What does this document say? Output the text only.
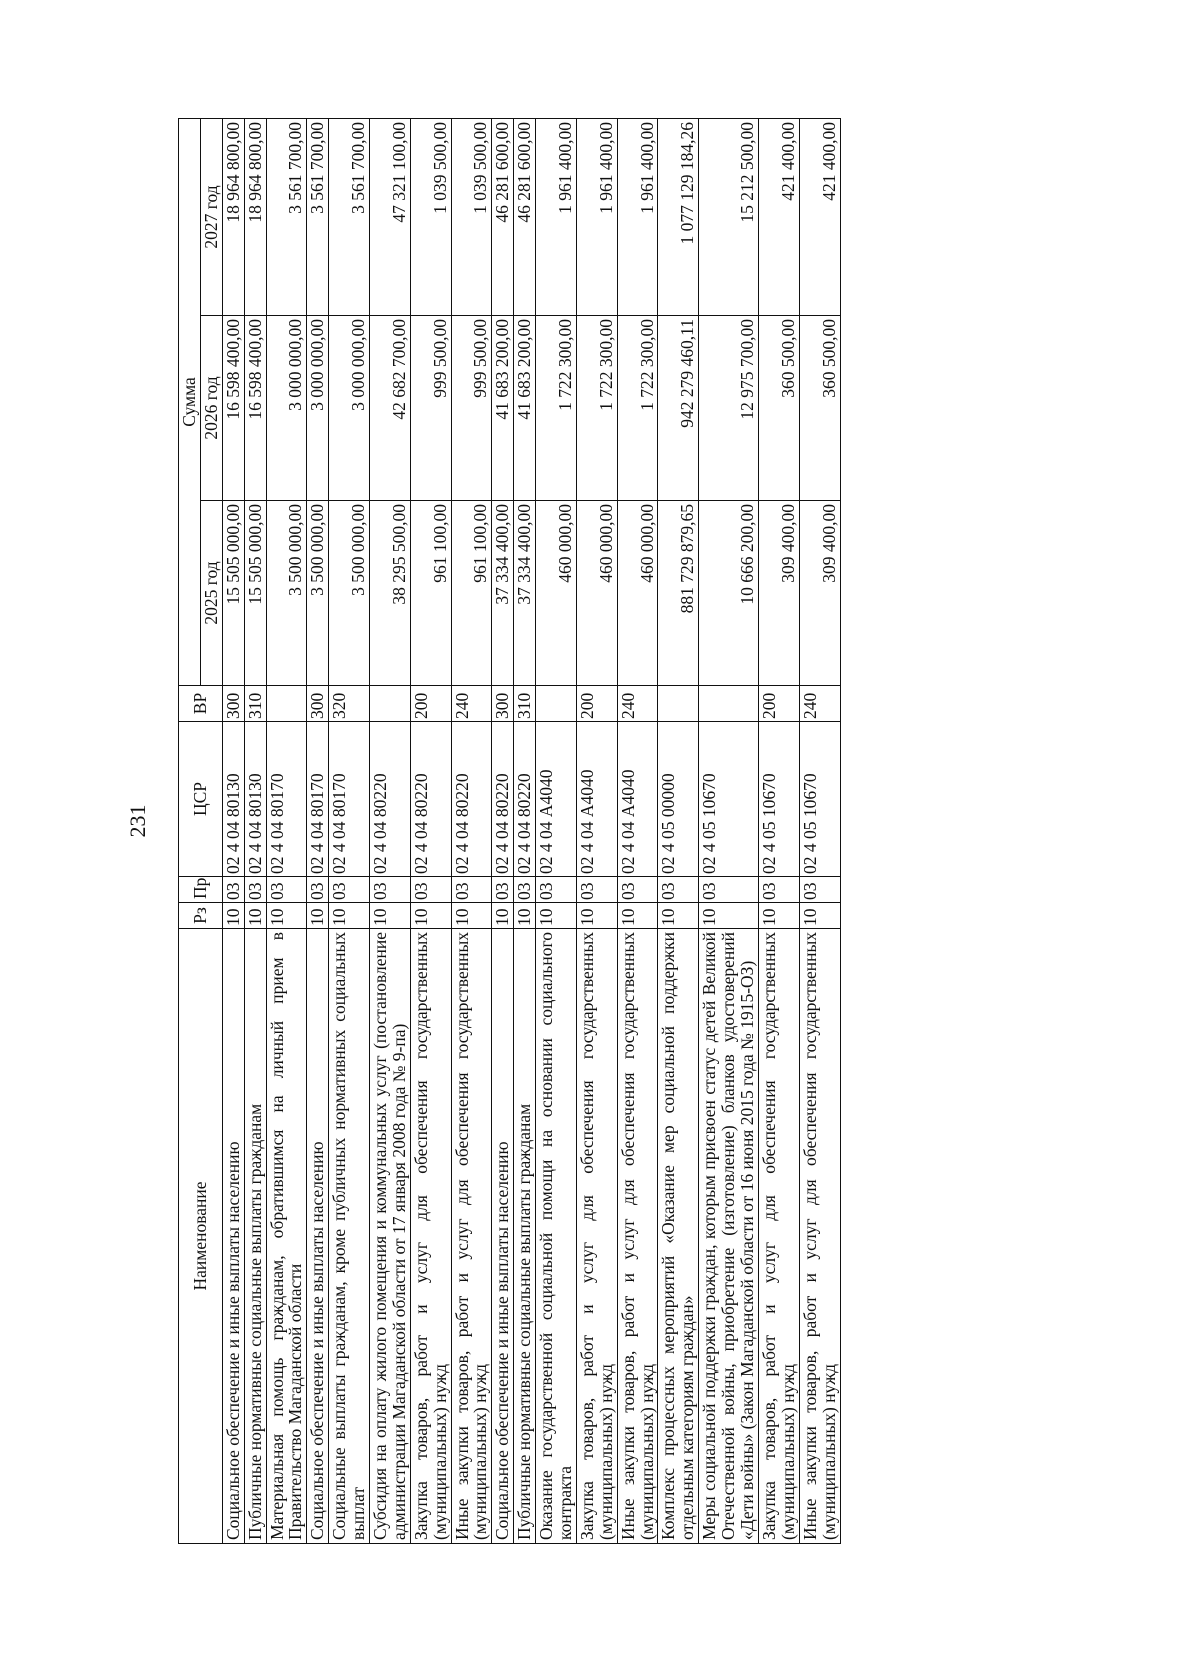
231
Наименование	Рз	Пр	ЦСР	ВР	Сумма		
					2025 год	2026 год	2027 год
Социальное обеспечение и иные выплаты населению	10	03	02 4 04 80130	300	15 505 000,00	16 598 400,00	18 964 800,00
Публичные нормативные социальные выплаты гражданам	10	03	02 4 04 80130	310	15 505 000,00	16 598 400,00	18 964 800,00
Материальная помощь гражданам, обратившимся на личный прием в Правительство Магаданской области	10	03	02 4 04 80170		3 500 000,00	3 000 000,00	3 561 700,00
Социальное обеспечение и иные выплаты населению	10	03	02 4 04 80170	300	3 500 000,00	3 000 000,00	3 561 700,00
Социальные выплаты гражданам, кроме публичных нормативных социальных выплат	10	03	02 4 04 80170	320	3 500 000,00	3 000 000,00	3 561 700,00
Субсидия на оплату жилого помещения и коммунальных услуг (постановление администрации Магаданской области от 17 января 2008 года № 9-па)	10	03	02 4 04 80220		38 295 500,00	42 682 700,00	47 321 100,00
Закупка товаров, работ и услуг для обеспечения государственных (муниципальных) нужд	10	03	02 4 04 80220	200	961 100,00	999 500,00	1 039 500,00
Иные закупки товаров, работ и услуг для обеспечения государственных (муниципальных) нужд	10	03	02 4 04 80220	240	961 100,00	999 500,00	1 039 500,00
Социальное обеспечение и иные выплаты населению	10	03	02 4 04 80220	300	37 334 400,00	41 683 200,00	46 281 600,00
Публичные нормативные социальные выплаты гражданам	10	03	02 4 04 80220	310	37 334 400,00	41 683 200,00	46 281 600,00
Оказание государственной социальной помощи на основании социального контракта	10	03	02 4 04 А4040		460 000,00	1 722 300,00	1 961 400,00
Закупка товаров, работ и услуг для обеспечения государственных (муниципальных) нужд	10	03	02 4 04 А4040	200	460 000,00	1 722 300,00	1 961 400,00
Иные закупки товаров, работ и услуг для обеспечения государственных (муниципальных) нужд	10	03	02 4 04 А4040	240	460 000,00	1 722 300,00	1 961 400,00
Комплекс процессных мероприятий «Оказание мер социальной поддержки отдельным категориям граждан»	10	03	02 4 05 00000		881 729 879,65	942 279 460,11	1 077 129 184,26
Меры социальной поддержки граждан, которым присвоен статус детей Великой Отечественной войны, приобретение (изготовление) бланков удостоверений «Дети войны» (Закон Магаданской области от 16 июня 2015 года № 1915-ОЗ)	10	03	02 4 05 10670		10 666 200,00	12 975 700,00	15 212 500,00
Закупка товаров, работ и услуг для обеспечения государственных (муниципальных) нужд	10	03	02 4 05 10670	200	309 400,00	360 500,00	421 400,00
Иные закупки товаров, работ и услуг для обеспечения государственных (муниципальных) нужд	10	03	02 4 05 10670	240	309 400,00	360 500,00	421 400,00
